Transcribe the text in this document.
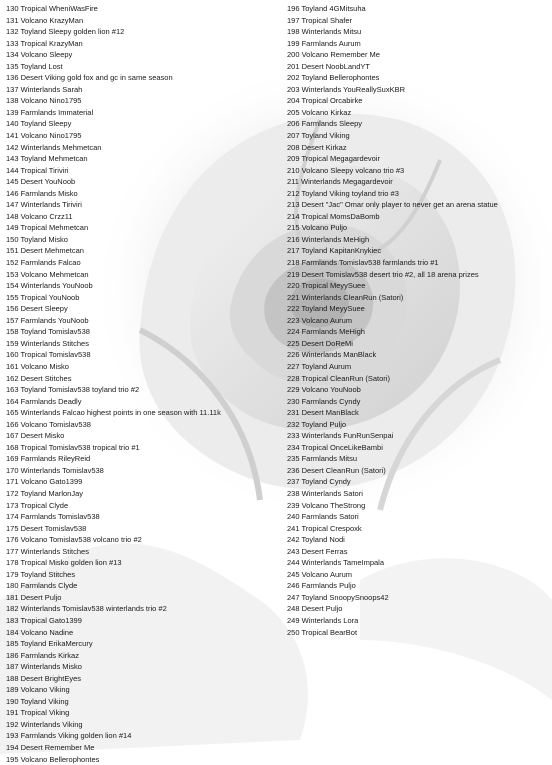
130 Tropical WheniWasFire
131 Volcano KrazyMan
132 Toyland Sleepy golden lion #12
133 Tropical KrazyMan
134 Volcano Sleepy
135 Toyland Lost
136 Desert Viking gold fox and gc in same season
137 Winterlands Sarah
138 Volcano Nino1795
139 Farmlands Immaterial
140 Toyland Sleepy
141 Volcano Nino1795
142 Winterlands Mehmetcan
143 Toyland Mehmetcan
144 Tropical Tiriviri
145 Desert YouNoob
146 Farmlands Misko
147 Winterlands Tiriviri
148 Volcano Crzz11
149 Tropical Mehmetcan
150 Toyland Misko
151 Desert Mehmetcan
152 Farmlands Falcao
153 Volcano Mehmetcan
154 Winterlands YouNoob
155 Tropical YouNoob
156 Desert Sleepy
157 Farmlands YouNoob
158 Toyland Tomislav538
159 Winterlands Stitches
160 Tropical Tomislav538
161 Volcano Misko
162 Desert Stitches
163 Toyland Tomislav538 toyland trio #2
164 Farmlands Deadly
165 Winterlands Falcao highest points in one season with 11.11k
166 Volcano Tomislav538
167 Desert Misko
168 Tropical Tomislav538 tropical trio #1
169 Farmlands RileyReid
170 Winterlands Tomislav538
171 Volcano Gato1399
172 Toyland MarlonJay
173 Tropical Clyde
174 Farmlands Tomislav538
175 Desert Tomislav538
176 Volcano Tomislav538 volcano trio #2
177 Winterlands Stitches
178 Tropical Misko golden lion #13
179 Toyland Stitches
180 Farmlands Clyde
181 Desert Puljo
182 Winterlands Tomislav538 winterlands trio #2
183 Tropical Gato1399
184 Volcano Nadine
185 Toyland ErikaMercury
186 Farmlands Kirkaz
187 Winterlands Misko
188 Desert BrightEyes
189 Volcano Viking
190 Toyland Viking
191 Tropical Viking
192 Winterlands Viking
193 Farmlands Viking golden lion #14
194 Desert Remember Me
195 Volcano Bellerophontes
196 Toyland 4GMitsuha
197 Tropical Shafer
198 Winterlands Mitsu
199 Farmlands Aurum
200 Volcano Remember Me
201 Desert NoobLandYT
202 Toyland Bellerophontes
203 Winterlands YouReallySuxKBR
204 Tropical Orcabirke
205 Volcano Kirkaz
206 Farmlands Sleepy
207 Toyland Viking
208 Desert Kirkaz
209 Tropical Megagardevoir
210 Volcano Sleepy volcano trio #3
211 Winterlands Megagardevoir
212 Toyland Viking toyland trio #3
213 Desert "Jac" Omar only player to never get an arena statue
214 Tropical MomsDaBomb
215 Volcano Puljo
216 Winterlands MeHigh
217 Toyland KapitanKnykiec
218 Farmlands Tomislav538 farmlands trio #1
219 Desert Tomislav538 desert trio #2, all 18 arena prizes
220 Tropical MeyySuee
221 Winterlands CleanRun (Satori)
222 Toyland MeyySuee
223 Volcano Aurum
224 Farmlands MeHigh
225 Desert DoReMi
226 Winterlands ManBlack
227 Toyland Aurum
228 Tropical CleanRun (Satori)
229 Volcano YouNoob
230 Farmlands Cyndy
231 Desert ManBlack
232 Toyland Puljo
233 Winterlands FunRunSenpai
234 Tropical OnceLikeBambi
235 Farmlands Mitsu
236 Desert CleanRun (Satori)
237 Toyland Cyndy
238 Winterlands Satori
239 Volcano TheStrong
240 Farmlands Satori
241 Tropical Crespoxk
242 Toyland Nodi
243 Desert Ferras
244 Winterlands TameImpala
245 Volcano Aurum
246 Farmlands Puljo
247 Toyland SnoopySnoops42
248 Desert Puljo
249 Winterlands Lora
250 Tropical BearBot
